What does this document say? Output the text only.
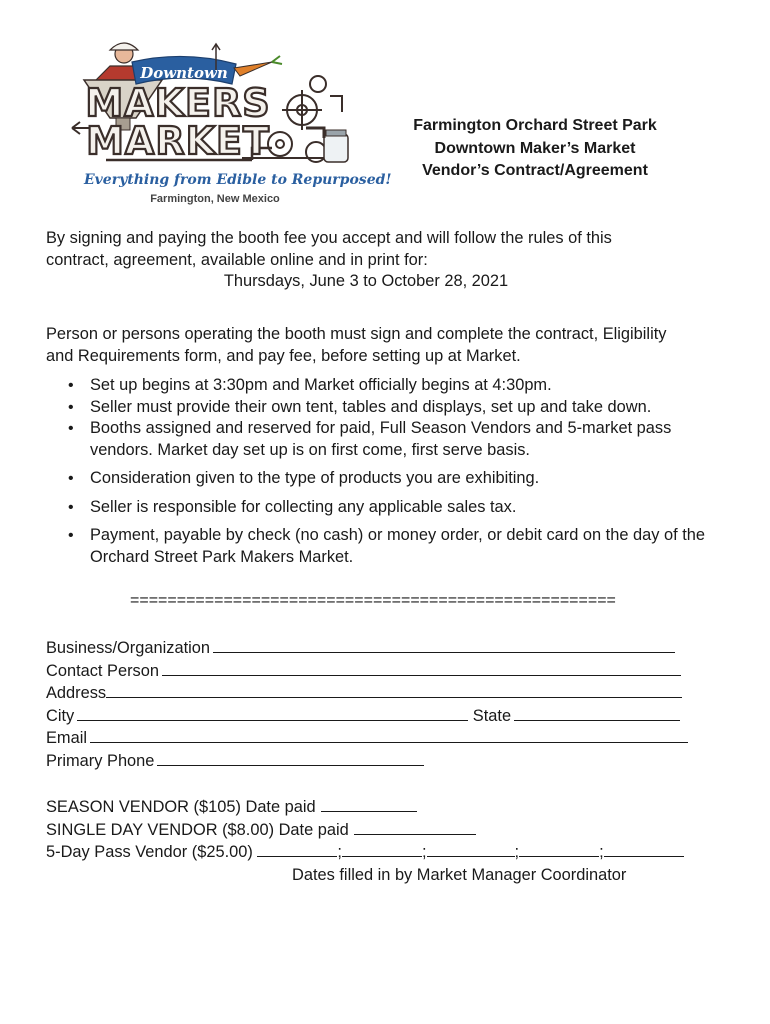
Downtown
MAKERS
MARKET
Everything from Edible to Repurposed!
Farmington, New Mexico
Farmington Orchard Street Park
Downtown Maker’s Market
Vendor’s Contract/Agreement
By signing and paying the booth fee you accept and will follow the rules of this
contract, agreement, available online and in print for:
Thursdays, June 3 to October 28, 2021
Person or persons operating the booth must sign and complete the contract, Eligibility
and Requirements form, and pay fee, before setting up at Market.
• Set up begins at 3:30pm and Market officially begins at 4:30pm.
• Seller must provide their own tent, tables and displays, set up and take down.
• Booths assigned and reserved for paid, Full Season Vendors and 5-market pass vendors. Market day set up is on first come, first serve basis.
• Consideration given to the type of products you are exhibiting.
• Seller is responsible for collecting any applicable sales tax.
• Payment, payable by check (no cash) or money order, or debit card on the day of the Orchard Street Park Makers Market.
====================================================
Business/Organization
Contact Person
Address
City	State
Email
Primary Phone
SEASON VENDOR ($105) Date paid
SINGLE DAY VENDOR ($8.00) Date paid
5-Day Pass Vendor ($25.00)	;	;	;	;
Dates filled in by Market Manager Coordinator
